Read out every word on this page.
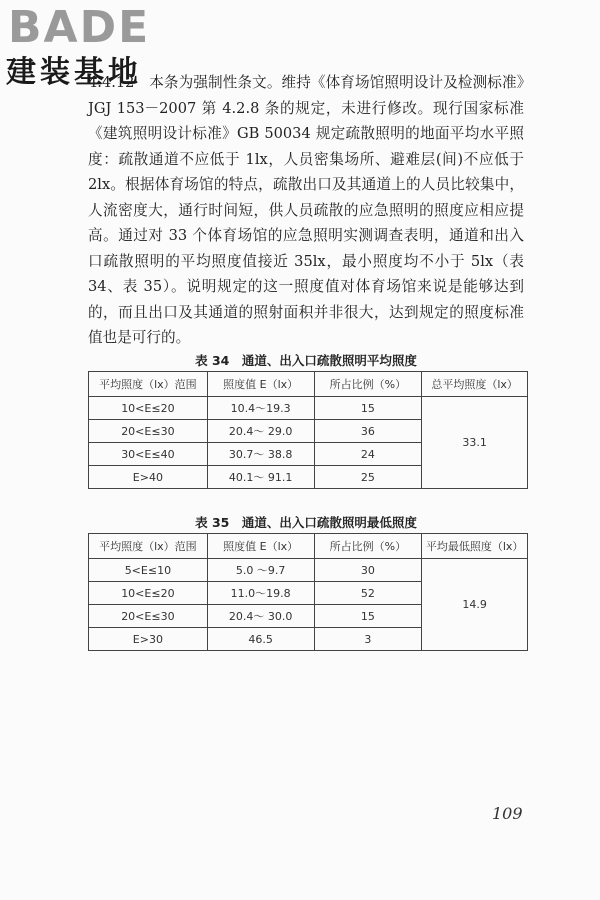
BADE
建装基地

4.4.12　本条为强制性条文。维持《体育场馆照明设计及检测标准》JGJ 153－2007 第 4.2.8 条的规定，未进行修改。现行国家标准《建筑照明设计标准》GB 50034 规定疏散照明的地面平均水平照度：疏散通道不应低于 1lx，人员密集场所、避难层(间)不应低于 2lx。根据体育场馆的特点，疏散出口及其通道上的人员比较集中，人流密度大，通行时间短，供人员疏散的应急照明的照度应相应提高。通过对 33 个体育场馆的应急照明实测调查表明，通道和出入口疏散照明的平均照度值接近 35lx，最小照度均不小于 5lx（表 34、表 35）。说明规定的这一照度值对体育场馆来说是能够达到的，而且出口及其通道的照射面积并非很大，达到规定的照度标准值也是可行的。

表 34　通道、出入口疏散照明平均照度
平均照度（lx）范围	照度值 E（lx）	所占比例（%）	总平均照度（lx）
10<E≤20	10.4～19.3	15	33.1
20<E≤30	20.4～ 29.0	36	
30<E≤40	30.7～ 38.8	24	
E>40	40.1～ 91.1	25	
表 35　通道、出入口疏散照明最低照度
平均照度（lx）范围	照度值 E（lx）	所占比例（%）	平均最低照度（lx）
5<E≤10	5.0 ～9.7	30	14.9
10<E≤20	11.0～19.8	52	
20<E≤30	20.4～ 30.0	15	
E>30	46.5	3	
109
